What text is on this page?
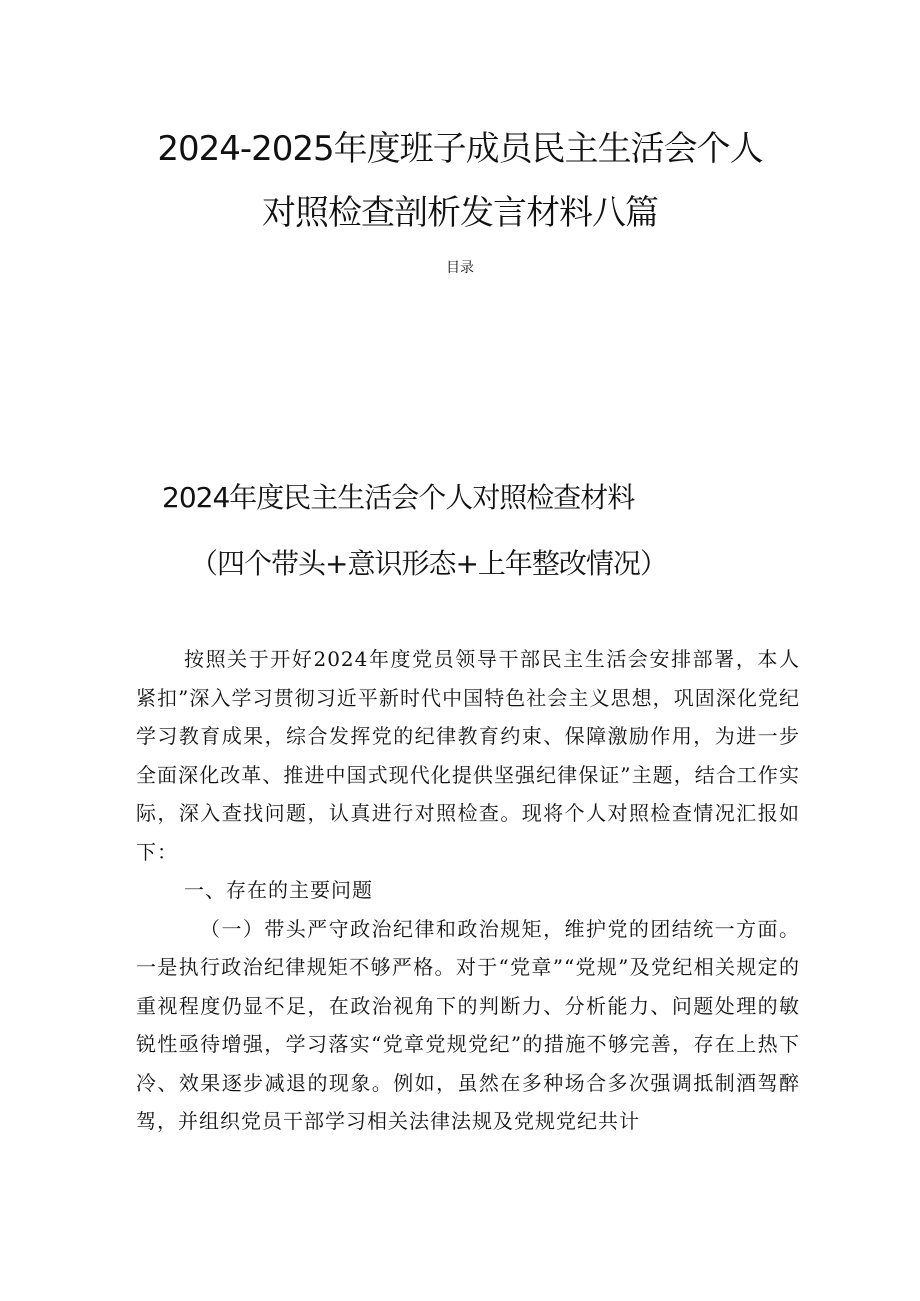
2024-2025年度班子成员民主生活会个人
对照检查剖析发言材料八篇
目录
2024年度民主生活会个人对照检查材料
（四个带头+意识形态+上年整改情况）

按照关于开好2024年度党员领导干部民主生活会安排部署，本人紧扣”深入学习贯彻习近平新时代中国特色社会主义思想，巩固深化党纪学习教育成果，综合发挥党的纪律教育约束、保障激励作用，为进一步全面深化改革、推进中国式现代化提供坚强纪律保证”主题，结合工作实际，深入查找问题，认真进行对照检查。现将个人对照检查情况汇报如下：

一、存在的主要问题

（一）带头严守政治纪律和政治规矩，维护党的团结统一方面。一是执行政治纪律规矩不够严格。对于“党章”“党规”及党纪相关规定的重视程度仍显不足，在政治视角下的判断力、分析能力、问题处理的敏锐性亟待增强，学习落实“党章党规党纪”的措施不够完善，存在上热下冷、效果逐步减退的现象。例如，虽然在多种场合多次强调抵制酒驾醉驾，并组织党员干部学习相关法律法规及党规党纪共计
